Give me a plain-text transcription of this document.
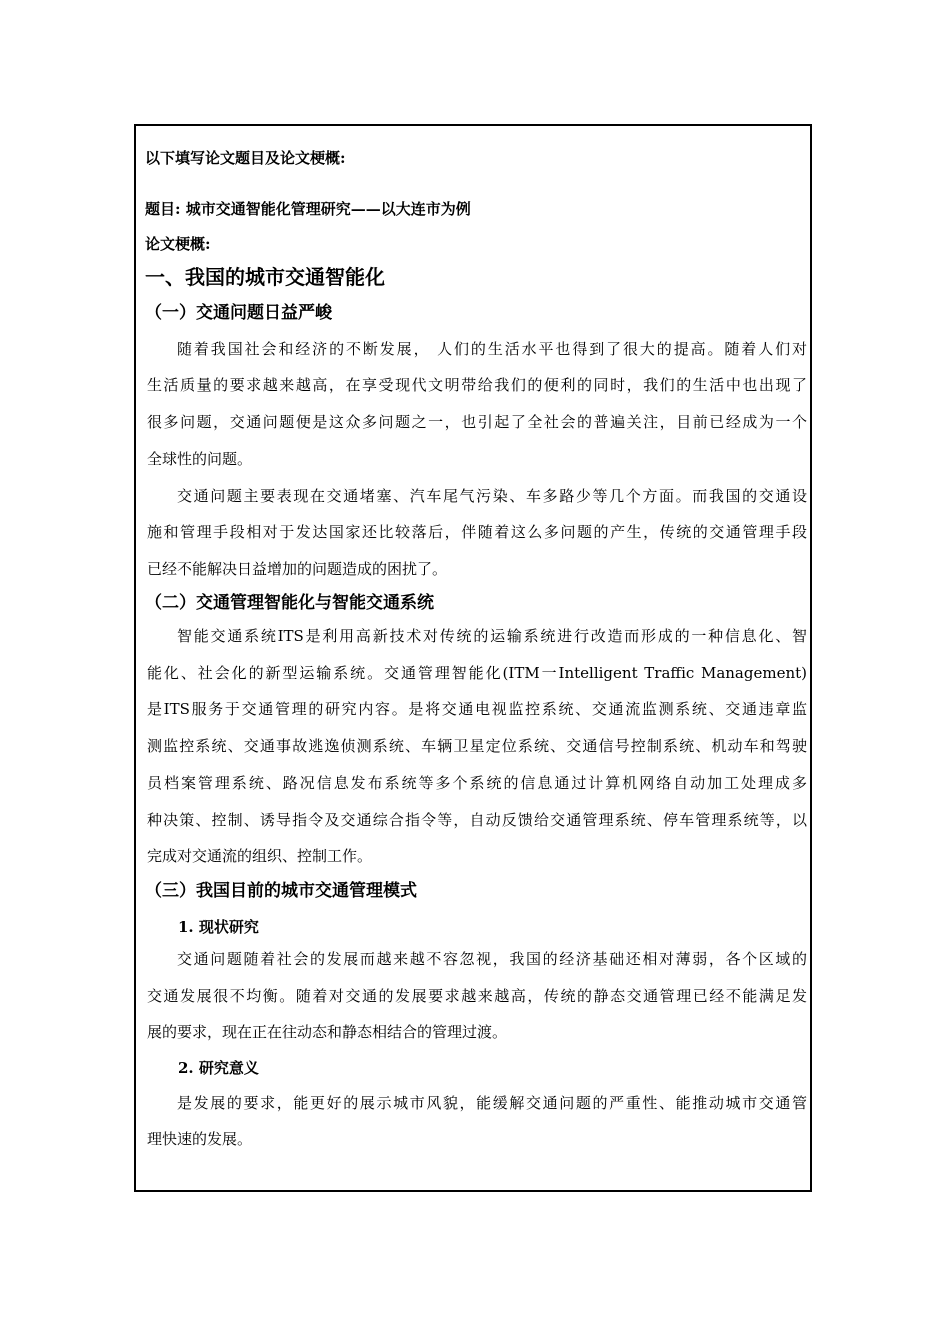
以下填写论文题目及论文梗概:
题目: 城市交通智能化管理研究——以大连市为例
论文梗概:
一、我国的城市交通智能化
（一）交通问题日益严峻
随着我国社会和经济的不断发展， 人们的生活水平也得到了很大的提高。随着人们对
生活质量的要求越来越高，在享受现代文明带给我们的便利的同时，我们的生活中也出现了
很多问题，交通问题便是这众多问题之一，也引起了全社会的普遍关注，目前已经成为一个
全球性的问题。
交通问题主要表现在交通堵塞、汽车尾气污染、车多路少等几个方面。而我国的交通设
施和管理手段相对于发达国家还比较落后，伴随着这么多问题的产生，传统的交通管理手段
已经不能解决日益增加的问题造成的困扰了。
（二）交通管理智能化与智能交通系统
智能交通系统ITS是利用高新技术对传统的运输系统进行改造而形成的一种信息化、智
能化、社会化的新型运输系统。交通管理智能化(ITM一Intelligent Traffic Management)
是ITS服务于交通管理的研究内容。是将交通电视监控系统、交通流监测系统、交通违章监
测监控系统、交通事故逃逸侦测系统、车辆卫星定位系统、交通信号控制系统、机动车和驾驶
员档案管理系统、路况信息发布系统等多个系统的信息通过计算机网络自动加工处理成多
种决策、控制、诱导指令及交通综合指令等，自动反馈给交通管理系统、停车管理系统等，以
完成对交通流的组织、控制工作。
（三）我国目前的城市交通管理模式
1. 现状研究
交通问题随着社会的发展而越来越不容忽视，我国的经济基础还相对薄弱，各个区域的
交通发展很不均衡。随着对交通的发展要求越来越高，传统的静态交通管理已经不能满足发
展的要求，现在正在往动态和静态相结合的管理过渡。
2. 研究意义
是发展的要求，能更好的展示城市风貌，能缓解交通问题的严重性、能推动城市交通管
理快速的发展。
